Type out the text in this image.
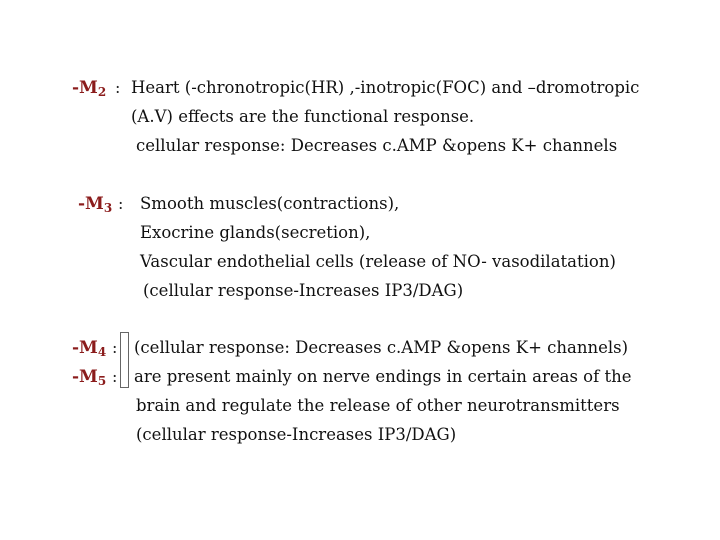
$-M_2$ : Heart (-chronotropic(HR) ,-inotropic(FOC) and –dromotropic
(A.V) effects are the functional response.
cellular response: Decreases c.AMP &opens K+ channels
$-M_3$ : Smooth muscles(contractions),
Exocrine glands(secretion),
Vascular endothelial cells (release of NO- vasodilatation)
(cellular response-Increases IP3/DAG)
$-M_4$ : (cellular response: Decreases c.AMP &opens K+ channels)
$-M_5$ : are present mainly on nerve endings in certain areas of the
brain and regulate the release of other neurotransmitters
(cellular response-Increases IP3/DAG)
